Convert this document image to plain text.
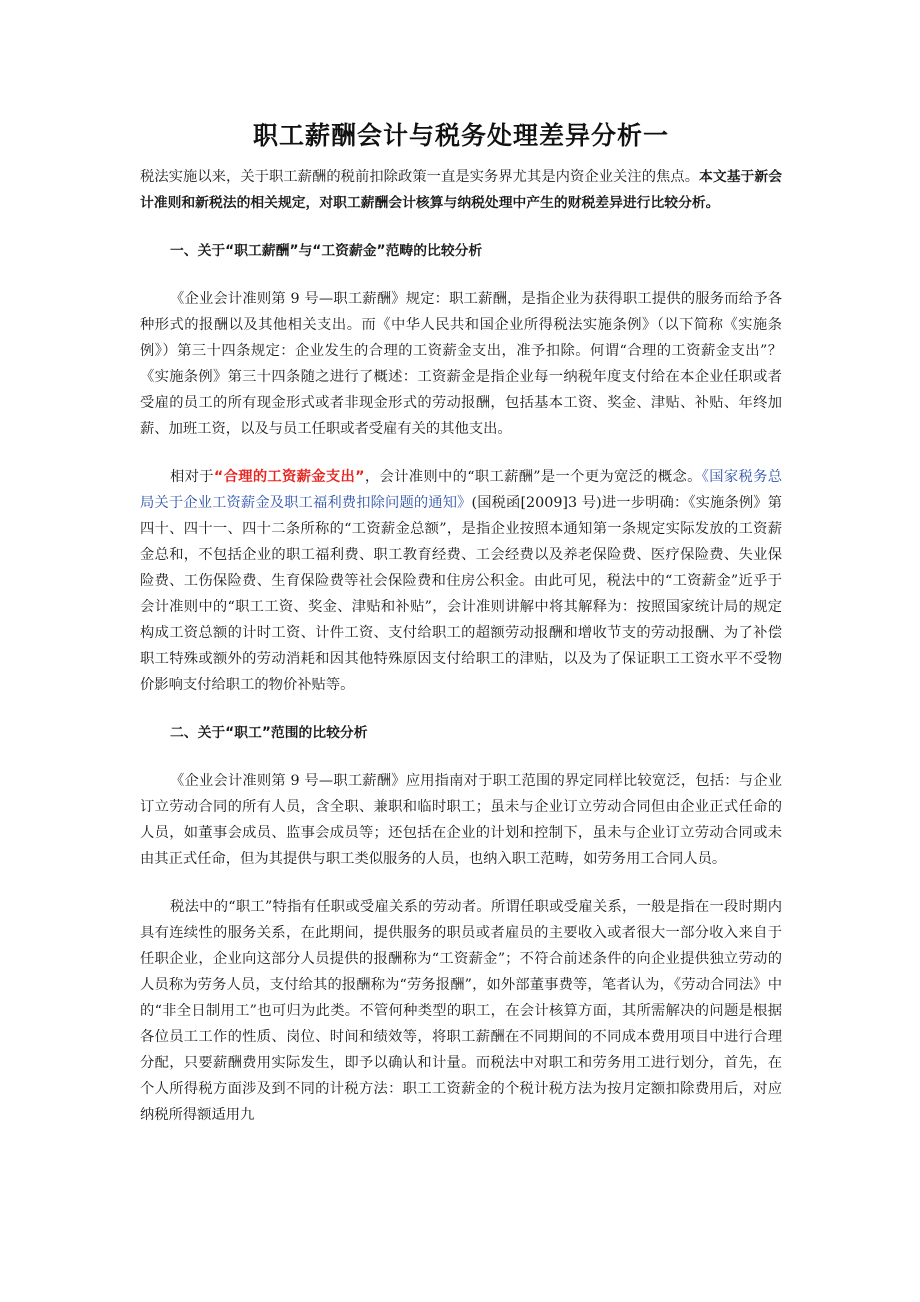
职工薪酬会计与税务处理差异分析一

税法实施以来，关于职工薪酬的税前扣除政策一直是实务界尤其是内资企业关注的焦点。本文基于新会计准则和新税法的相关规定，对职工薪酬会计核算与纳税处理中产生的财税差异进行比较分析。

一、关于“职工薪酬”与“工资薪金”范畴的比较分析

《企业会计准则第 9 号—职工薪酬》规定：职工薪酬，是指企业为获得职工提供的服务而给予各种形式的报酬以及其他相关支出。而《中华人民共和国企业所得税法实施条例》（以下简称《实施条例》）第三十四条规定：企业发生的合理的工资薪金支出，准予扣除。何谓“合理的工资薪金支出”？《实施条例》第三十四条随之进行了概述：工资薪金是指企业每一纳税年度支付给在本企业任职或者受雇的员工的所有现金形式或者非现金形式的劳动报酬，包括基本工资、奖金、津贴、补贴、年终加薪、加班工资，以及与员工任职或者受雇有关的其他支出。

相对于“合理的工资薪金支出”，会计准则中的“职工薪酬”是一个更为宽泛的概念。《国家税务总局关于企业工资薪金及职工福利费扣除问题的通知》(国税函[2009]3 号)进一步明确：《实施条例》第四十、四十一、四十二条所称的“工资薪金总额”，是指企业按照本通知第一条规定实际发放的工资薪金总和，不包括企业的职工福利费、职工教育经费、工会经费以及养老保险费、医疗保险费、失业保险费、工伤保险费、生育保险费等社会保险费和住房公积金。由此可见，税法中的“工资薪金”近乎于会计准则中的“职工工资、奖金、津贴和补贴”，会计准则讲解中将其解释为：按照国家统计局的规定构成工资总额的计时工资、计件工资、支付给职工的超额劳动报酬和增收节支的劳动报酬、为了补偿职工特殊或额外的劳动消耗和因其他特殊原因支付给职工的津贴，以及为了保证职工工资水平不受物价影响支付给职工的物价补贴等。

二、关于“职工”范围的比较分析

《企业会计准则第 9 号—职工薪酬》应用指南对于职工范围的界定同样比较宽泛，包括：与企业订立劳动合同的所有人员，含全职、兼职和临时职工；虽未与企业订立劳动合同但由企业正式任命的人员，如董事会成员、监事会成员等；还包括在企业的计划和控制下，虽未与企业订立劳动合同或未由其正式任命，但为其提供与职工类似服务的人员，也纳入职工范畴，如劳务用工合同人员。

税法中的“职工”特指有任职或受雇关系的劳动者。所谓任职或受雇关系，一般是指在一段时期内具有连续性的服务关系，在此期间，提供服务的职员或者雇员的主要收入或者很大一部分收入来自于任职企业，企业向这部分人员提供的报酬称为“工资薪金”；不符合前述条件的向企业提供独立劳动的人员称为劳务人员，支付给其的报酬称为“劳务报酬”，如外部董事费等，笔者认为，《劳动合同法》中的“非全日制用工”也可归为此类。不管何种类型的职工，在会计核算方面，其所需解决的问题是根据各位员工工作的性质、岗位、时间和绩效等，将职工薪酬在不同期间的不同成本费用项目中进行合理分配，只要薪酬费用实际发生，即予以确认和计量。而税法中对职工和劳务用工进行划分，首先，在个人所得税方面涉及到不同的计税方法：职工工资薪金的个税计税方法为按月定额扣除费用后，对应纳税所得额适用九
